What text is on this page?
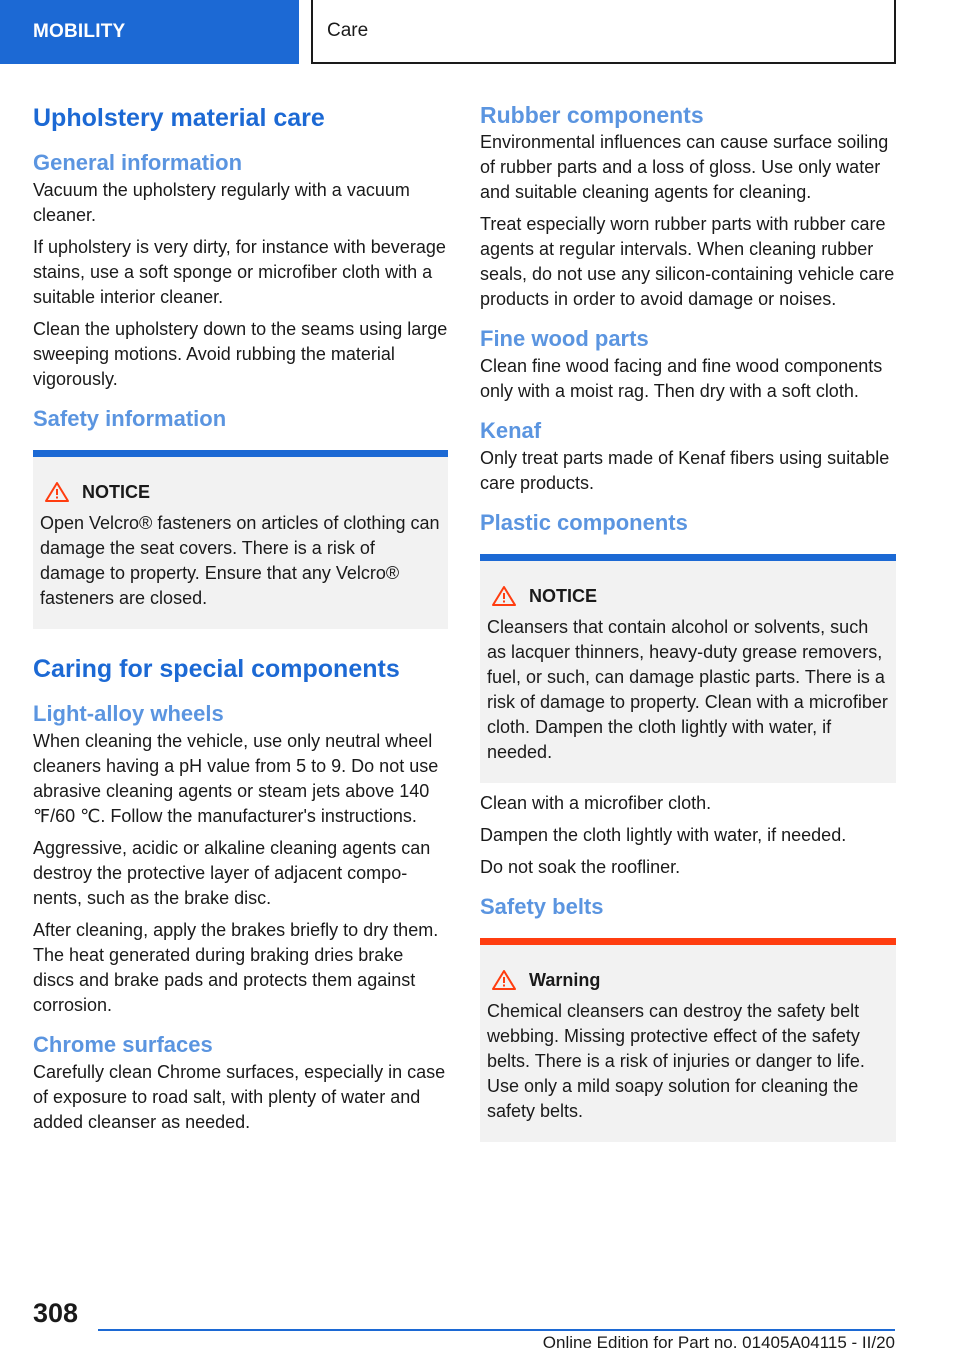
MOBILITY	Care
Upholstery material care
General information

Vacuum the upholstery regularly with a vacuum cleaner.

If upholstery is very dirty, for instance with beverage stains, use a soft sponge or microfiber cloth with a suitable interior cleaner.

Clean the upholstery down to the seams using large sweeping motions. Avoid rubbing the material vigorously.

Safety information
NOTICE

Open Velcro® fasteners on articles of clothing can damage the seat covers. There is a risk of damage to property. Ensure that any Velcro® fasteners are closed.

Caring for special components
Light-alloy wheels

When cleaning the vehicle, use only neutral wheel cleaners having a pH value from 5 to 9. Do not use abrasive cleaning agents or steam jets above 140 ℉/60 ℃. Follow the manufacturer's instructions.

Aggressive, acidic or alkaline cleaning agents can destroy the protective layer of adjacent components, such as the brake disc.

After cleaning, apply the brakes briefly to dry them. The heat generated during braking dries brake discs and brake pads and protects them against corrosion.

Chrome surfaces

Carefully clean Chrome surfaces, especially in case of exposure to road salt, with plenty of water and added cleanser as needed.

Rubber components

Environmental influences can cause surface soiling of rubber parts and a loss of gloss. Use only water and suitable cleaning agents for cleaning.

Treat especially worn rubber parts with rubber care agents at regular intervals. When cleaning rubber seals, do not use any silicon-containing vehicle care products in order to avoid damage or noises.

Fine wood parts

Clean fine wood facing and fine wood components only with a moist rag. Then dry with a soft cloth.

Kenaf

Only treat parts made of Kenaf fibers using suitable care products.

Plastic components
NOTICE

Cleansers that contain alcohol or solvents, such as lacquer thinners, heavy-duty grease removers, fuel, or such, can damage plastic parts. There is a risk of damage to property. Clean with a microfiber cloth. Dampen the cloth lightly with water, if needed.

Clean with a microfiber cloth.

Dampen the cloth lightly with water, if needed.

Do not soak the roofliner.

Safety belts
Warning

Chemical cleansers can destroy the safety belt webbing. Missing protective effect of the safety belts. There is a risk of injuries or danger to life. Use only a mild soapy solution for cleaning the safety belts.

308
Online Edition for Part no. 01405A04115 - II/20
